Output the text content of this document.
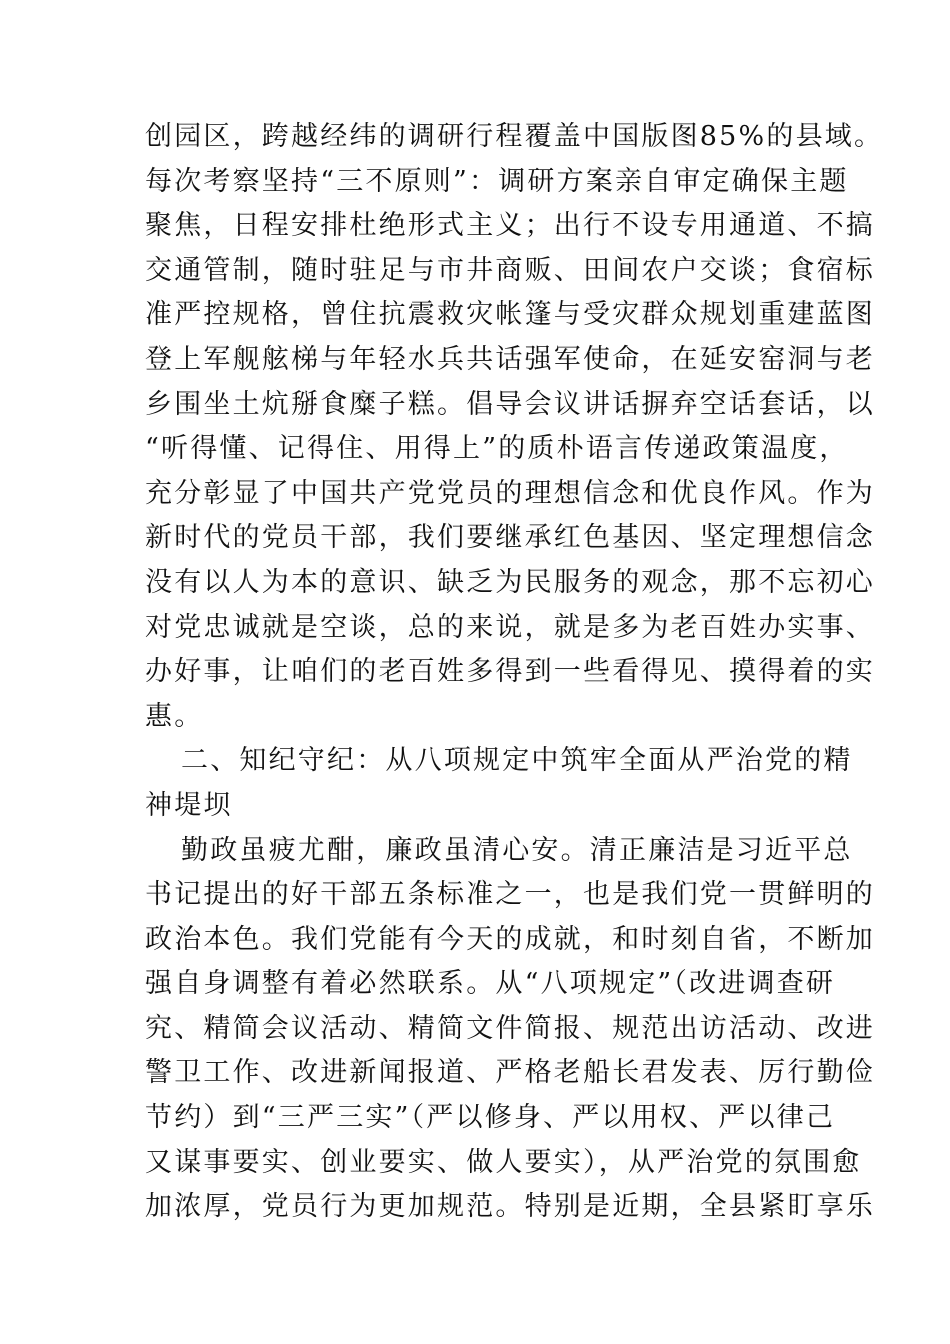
创园区，跨越经纬的调研行程覆盖中国版图85%的县域。
每次考察坚持“三不原则”：调研方案亲自审定确保主题
聚焦，日程安排杜绝形式主义；出行不设专用通道、不搞
交通管制，随时驻足与市井商贩、田间农户交谈；食宿标
准严控规格，曾住抗震救灾帐篷与受灾群众规划重建蓝图
登上军舰舷梯与年轻水兵共话强军使命，在延安窑洞与老
乡围坐土炕掰食糜子糕。倡导会议讲话摒弃空话套话，以
“听得懂、记得住、用得上”的质朴语言传递政策温度，
充分彰显了中国共产党党员的理想信念和优良作风。作为
新时代的党员干部，我们要继承红色基因、坚定理想信念
没有以人为本的意识、缺乏为民服务的观念，那不忘初心
对党忠诚就是空谈，总的来说，就是多为老百姓办实事、
办好事，让咱们的老百姓多得到一些看得见、摸得着的实
惠。
二、知纪守纪：从八项规定中筑牢全面从严治党的精
神堤坝
勤政虽疲尤酣，廉政虽清心安。清正廉洁是习近平总
书记提出的好干部五条标准之一，也是我们党一贯鲜明的
政治本色。我们党能有今天的成就，和时刻自省，不断加
强自身调整有着必然联系。从“八项规定”（改进调查研
究、精简会议活动、精简文件简报、规范出访活动、改进
警卫工作、改进新闻报道、严格老船长君发表、厉行勤俭
节约）到“三严三实”（严以修身、严以用权、严以律己
又谋事要实、创业要实、做人要实），从严治党的氛围愈
加浓厚，党员行为更加规范。特别是近期，全县紧盯享乐
